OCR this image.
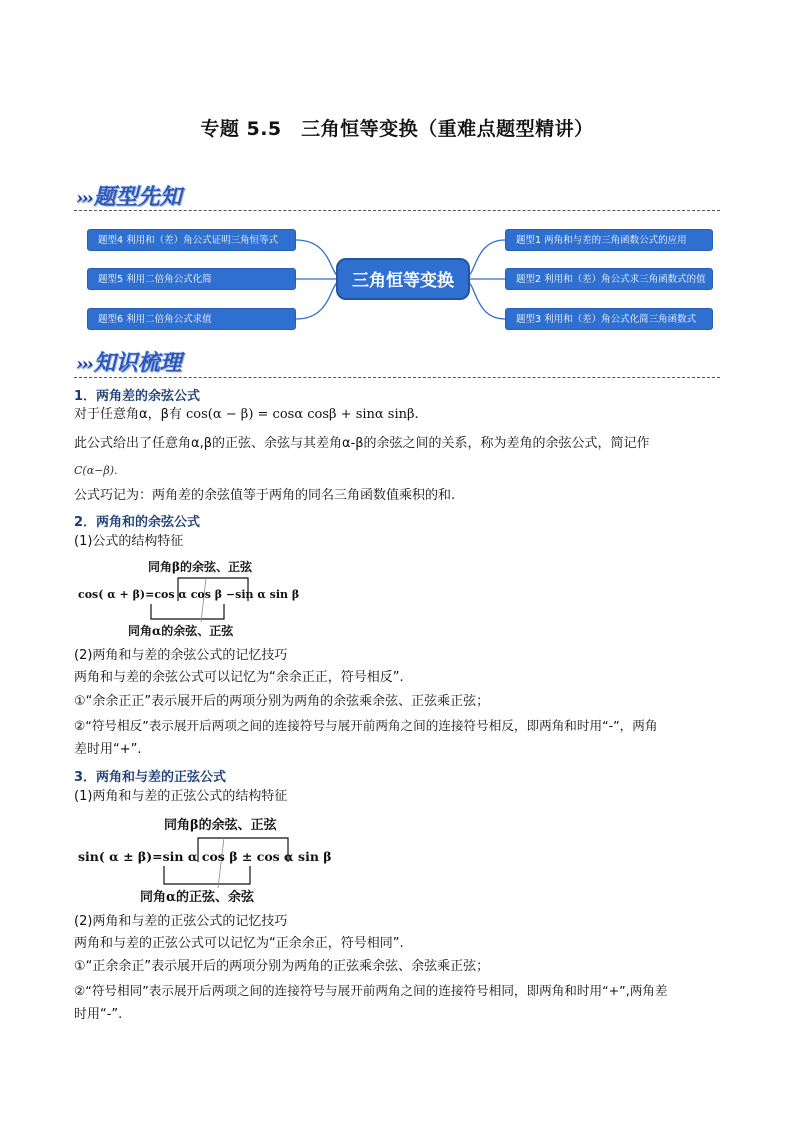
专题 5.5　三角恒等变换（重难点题型精讲）
›››题型先知
题型4 利用和（差）角公式证明三角恒等式
题型5 利用二倍角公式化简
题型6 利用二倍角公式求值
三角恒等变换
题型1 两角和与差的三角函数公式的应用
题型2 利用和（差）角公式求三角函数式的值
题型3 利用和（差）角公式化简三角函数式
›››知识梳理
1．两角差的余弦公式
对于任意角α，β有 cos(α − β) = cosα cosβ + sinα sinβ.
此公式给出了任意角α,β的正弦、余弦与其差角α-β的余弦之间的关系，称为差角的余弦公式，简记作
C(α−β).
公式巧记为：两角差的余弦值等于两角的同名三角函数值乘积的和.
2．两角和的余弦公式
(1)公式的结构特征
同角β的余弦、正弦
cos( α + β)=cos α cos β −sin α sin β
同角α的余弦、正弦
(2)两角和与差的余弦公式的记忆技巧
两角和与差的余弦公式可以记忆为“余余正正，符号相反”.
①“余余正正”表示展开后的两项分别为两角的余弦乘余弦、正弦乘正弦；
②“符号相反”表示展开后两项之间的连接符号与展开前两角之间的连接符号相反，即两角和时用“-”，两角
差时用“+”.
3．两角和与差的正弦公式
(1)两角和与差的正弦公式的结构特征
同角β的余弦、正弦
sin( α ± β)=sin α cos β ± cos α sin β
同角α的正弦、余弦
(2)两角和与差的正弦公式的记忆技巧
两角和与差的正弦公式可以记忆为“正余余正，符号相同”.
①“正余余正”表示展开后的两项分别为两角的正弦乘余弦、余弦乘正弦；
②“符号相同”表示展开后两项之间的连接符号与展开前两角之间的连接符号相同，即两角和时用“+”,两角差
时用“-”.
